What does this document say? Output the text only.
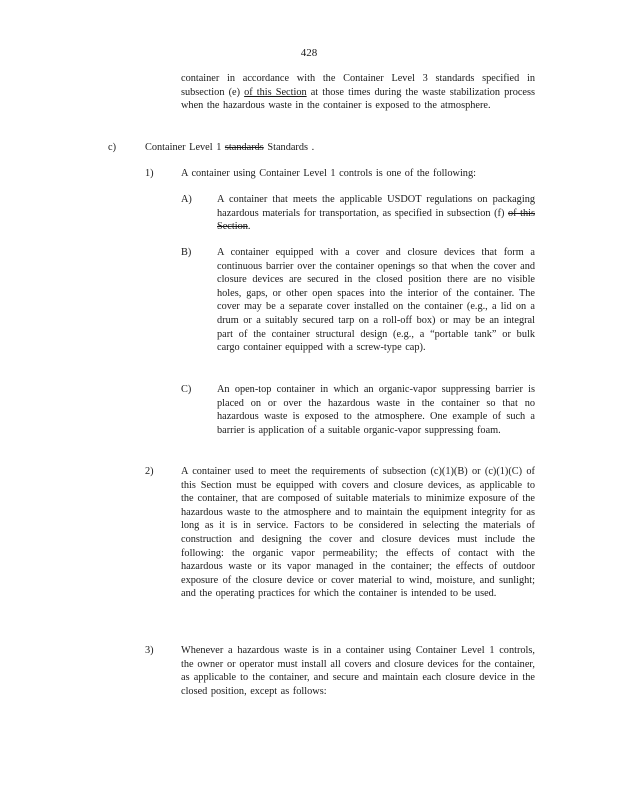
428
container in accordance with the Container Level 3 standards specified in subsection (e) of this Section at those times during the waste stabilization process when the hazardous waste in the container is exposed to the atmosphere.
c)	Container Level 1 standards Standards .
1)	A container using Container Level 1 controls is one of the following:
A) A container that meets the applicable USDOT regulations on packaging hazardous materials for transportation, as specified in subsection (f) of this Section.
B) A container equipped with a cover and closure devices that form a continuous barrier over the container openings so that when the cover and closure devices are secured in the closed position there are no visible holes, gaps, or other open spaces into the interior of the container. The cover may be a separate cover installed on the container (e.g., a lid on a drum or a suitably secured tarp on a roll-off box) or may be an integral part of the container structural design (e.g., a “portable tank” or bulk cargo container equipped with a screw-type cap).
C) An open-top container in which an organic-vapor suppressing barrier is placed on or over the hazardous waste in the container so that no hazardous waste is exposed to the atmosphere. One example of such a barrier is application of a suitable organic-vapor suppressing foam.
2)	A container used to meet the requirements of subsection (c)(1)(B) or (c)(1)(C) of this Section must be equipped with covers and closure devices, as applicable to the container, that are composed of suitable materials to minimize exposure of the hazardous waste to the atmosphere and to maintain the equipment integrity for as long as it is in service. Factors to be considered in selecting the materials of construction and designing the cover and closure devices must include the following: the organic vapor permeability; the effects of contact with the hazardous waste or its vapor managed in the container; the effects of outdoor exposure of the closure device or cover material to wind, moisture, and sunlight; and the operating practices for which the container is intended to be used.
3)	Whenever a hazardous waste is in a container using Container Level 1 controls, the owner or operator must install all covers and closure devices for the container, as applicable to the container, and secure and maintain each closure device in the closed position, except as follows:
